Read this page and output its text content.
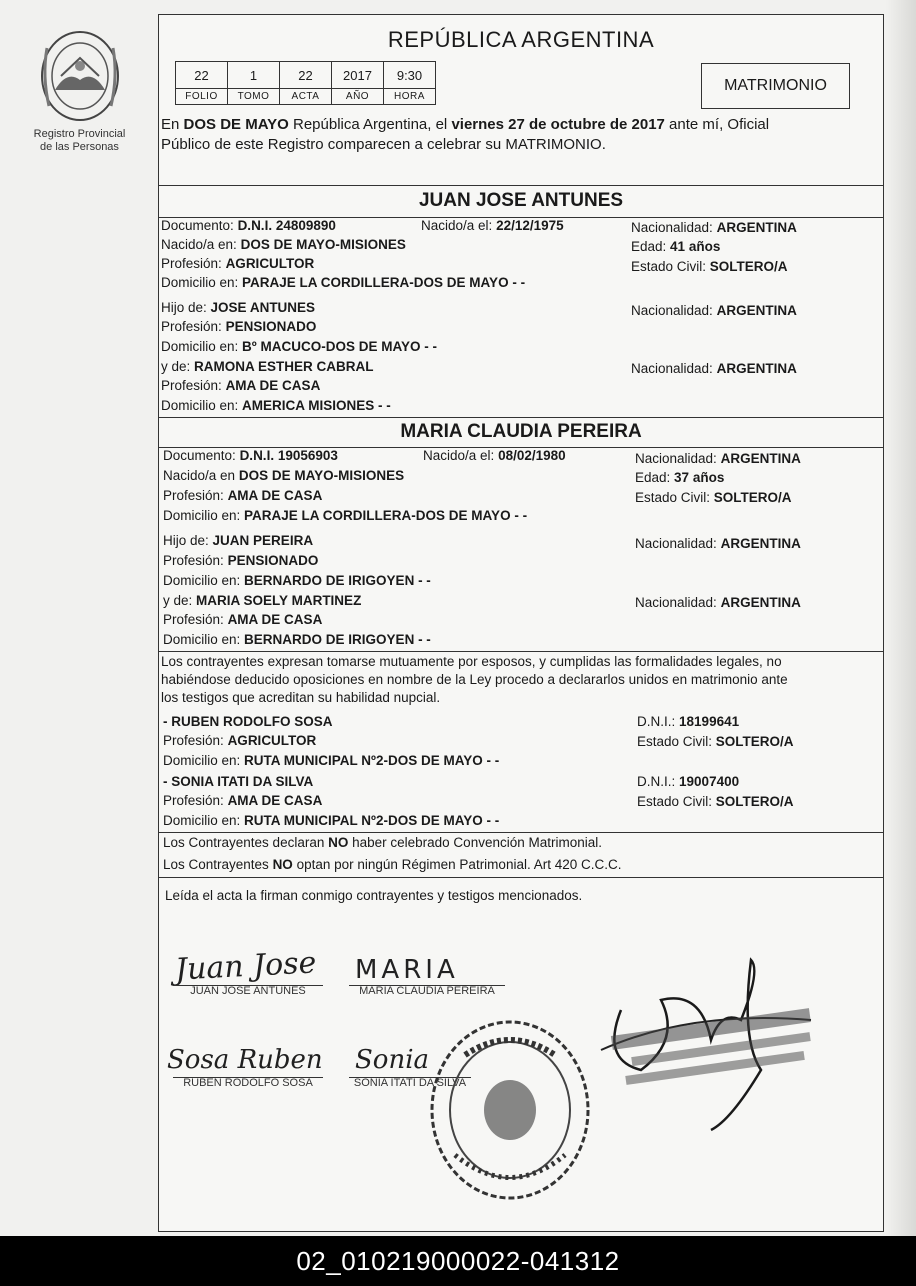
Registro Provincial
de las Personas
REPÚBLICA ARGENTINA
22	1	22	2017	9:30
FOLIO	TOMO	ACTA	AÑO	HORA
MATRIMONIO
En DOS DE MAYO República Argentina, el viernes 27 de octubre de 2017 ante mí, Oficial
Público de este Registro comparecen a celebrar su MATRIMONIO.
JUAN JOSE ANTUNES
Documento: D.N.I. 24809890	Nacido/a el: 22/12/1975	Nacionalidad: ARGENTINA
Nacido/a en: DOS DE MAYO-MISIONES	Edad: 41 años
Profesión: AGRICULTOR	Estado Civil: SOLTERO/A
Domicilio en: PARAJE LA CORDILLERA-DOS DE MAYO - -
Hijo de: JOSE ANTUNES	Nacionalidad: ARGENTINA
Profesión: PENSIONADO
Domicilio en: Bº MACUCO-DOS DE MAYO - -
y de: RAMONA ESTHER CABRAL	Nacionalidad: ARGENTINA
Profesión: AMA DE CASA
Domicilio en: AMERICA MISIONES - -
MARIA CLAUDIA PEREIRA
Documento: D.N.I. 19056903	Nacido/a el: 08/02/1980	Nacionalidad: ARGENTINA
Nacido/a en DOS DE MAYO-MISIONES	Edad: 37 años
Profesión: AMA DE CASA	Estado Civil: SOLTERO/A
Domicilio en: PARAJE LA CORDILLERA-DOS DE MAYO - -
Hijo de: JUAN PEREIRA	Nacionalidad: ARGENTINA
Profesión: PENSIONADO
Domicilio en: BERNARDO DE IRIGOYEN - -
y de: MARIA SOELY MARTINEZ	Nacionalidad: ARGENTINA
Profesión: AMA DE CASA
Domicilio en: BERNARDO DE IRIGOYEN - -
Los contrayentes expresan tomarse mutuamente por esposos, y cumplidas las formalidades legales, no
habiéndose deducido oposiciones en nombre de la Ley procedo a declararlos unidos en matrimonio ante
los testigos que acreditan su habilidad nupcial.
- RUBEN RODOLFO SOSA	D.N.I.: 18199641
Profesión: AGRICULTOR	Estado Civil: SOLTERO/A
Domicilio en: RUTA MUNICIPAL Nº2-DOS DE MAYO - -
- SONIA ITATI DA SILVA	D.N.I.: 19007400
Profesión: AMA DE CASA	Estado Civil: SOLTERO/A
Domicilio en: RUTA MUNICIPAL Nº2-DOS DE MAYO - -
Los Contrayentes declaran NO haber celebrado Convención Matrimonial.
Los Contrayentes NO optan por ningún Régimen Patrimonial. Art 420 C.C.C.
Leída el acta la firman conmigo contrayentes y testigos mencionados.
Juan Jose
JUAN JOSE ANTUNES
MARIA
MARIA CLAUDIA PEREIRA
Sosa Ruben
RUBEN RODOLFO SOSA
Sonia
SONIA ITATI DA SILVA
02_010219000022-041312
